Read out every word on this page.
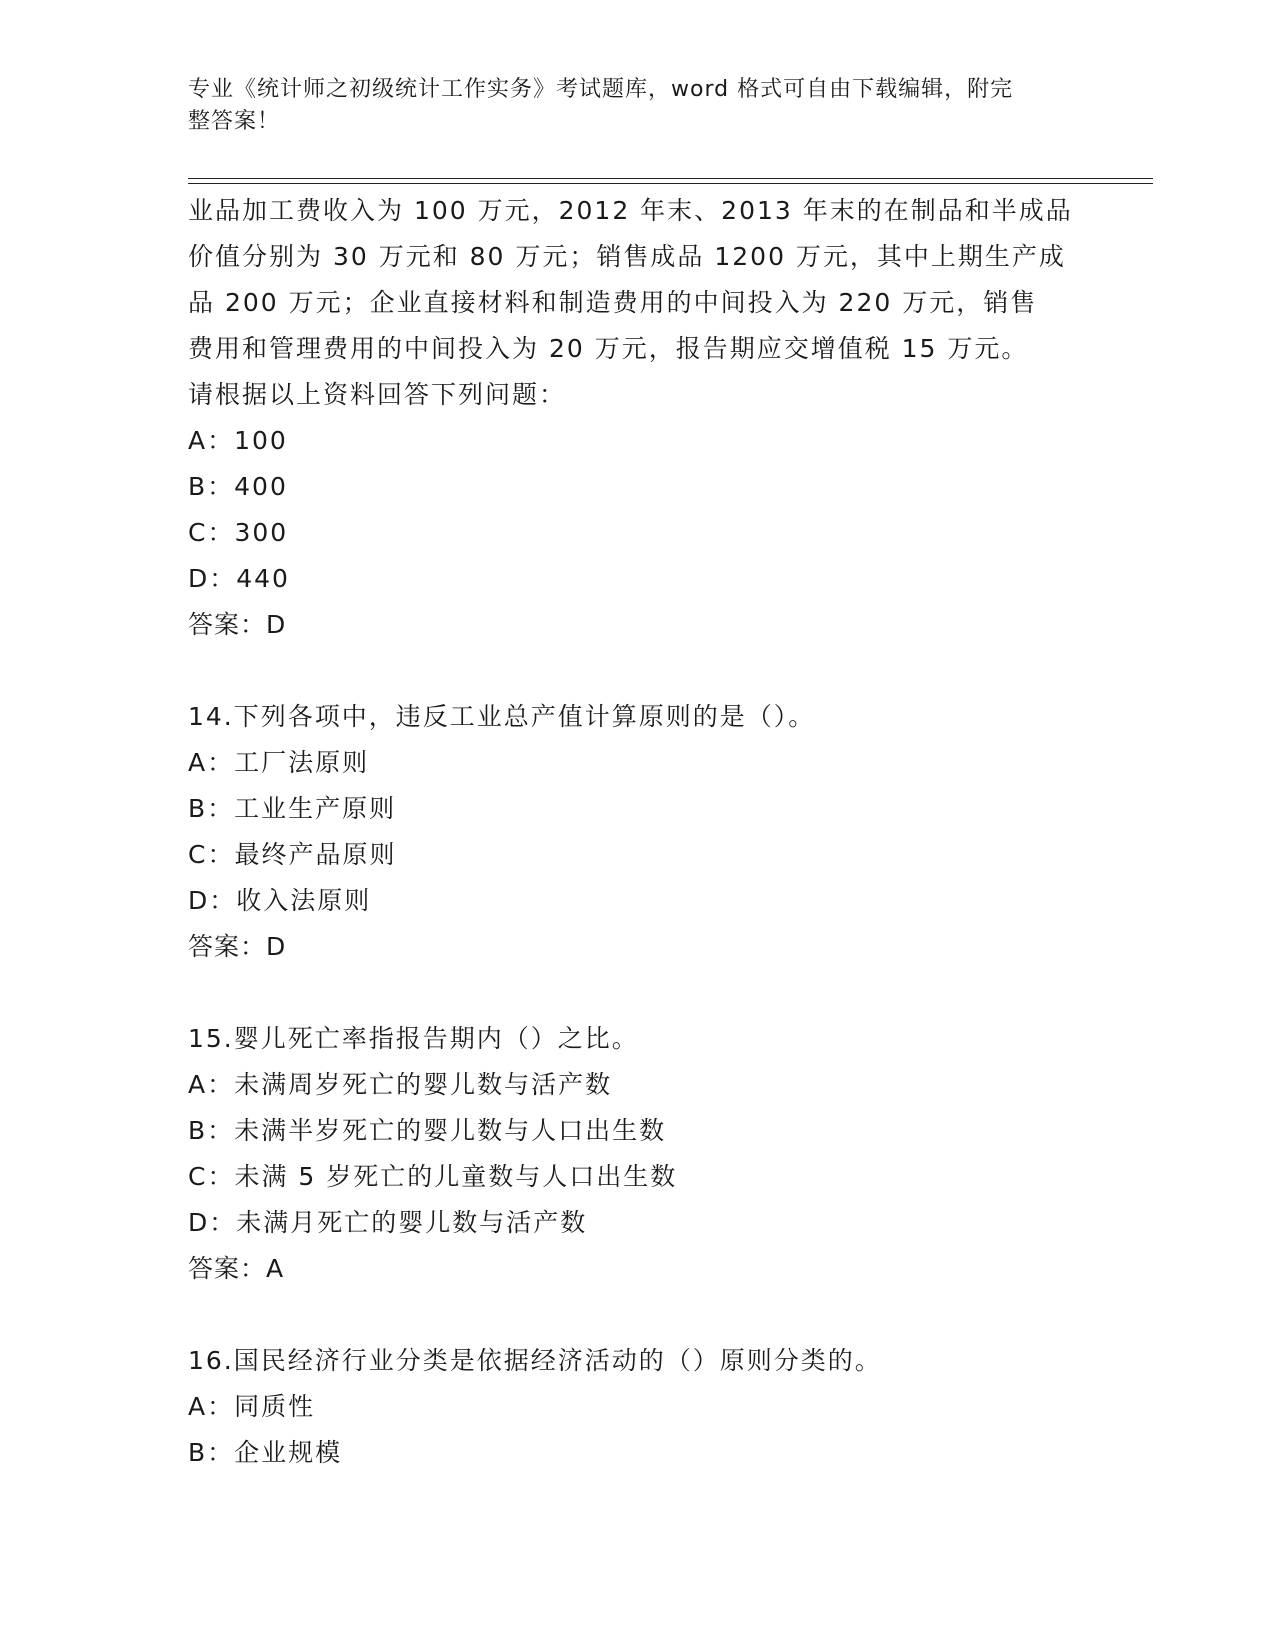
专业《统计师之初级统计工作实务》考试题库，word 格式可自由下载编辑，附完
整答案！
业品加工费收入为 100 万元，2012 年末、2013 年末的在制品和半成品
价值分别为 30 万元和 80 万元；销售成品 1200 万元，其中上期生产成
品 200 万元；企业直接材料和制造费用的中间投入为 220 万元，销售
费用和管理费用的中间投入为 20 万元，报告期应交增值税 15 万元。
请根据以上资料回答下列问题：
A：100
B：400
C：300
D：440
答案：D
14.下列各项中，违反工业总产值计算原则的是（）。
A：工厂法原则
B：工业生产原则
C：最终产品原则
D：收入法原则
答案：D
15.婴儿死亡率指报告期内（）之比。
A：未满周岁死亡的婴儿数与活产数
B：未满半岁死亡的婴儿数与人口出生数
C：未满 5 岁死亡的儿童数与人口出生数
D：未满月死亡的婴儿数与活产数
答案：A
16.国民经济行业分类是依据经济活动的（）原则分类的。
A：同质性
B：企业规模
